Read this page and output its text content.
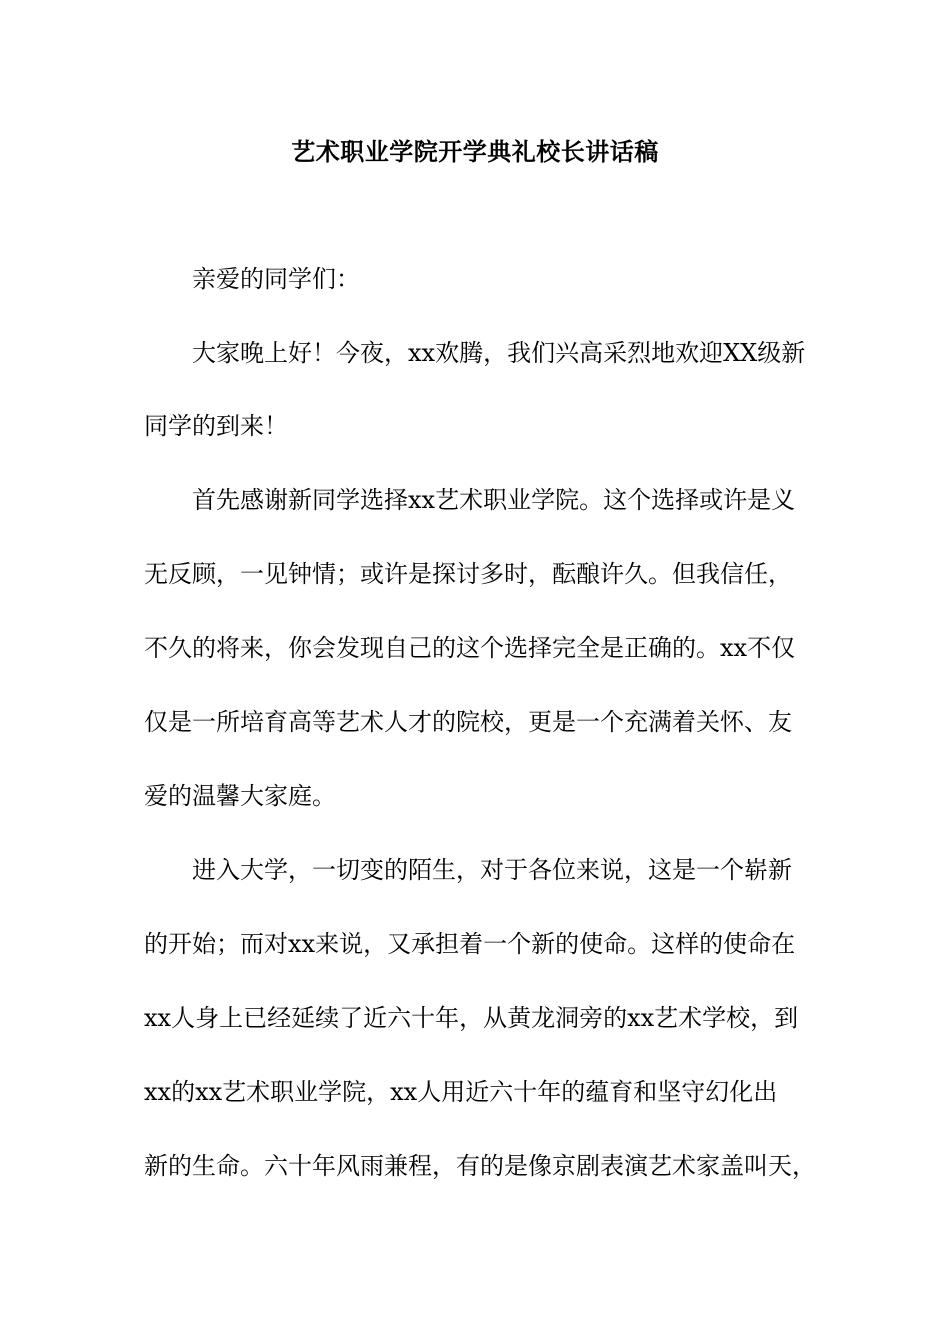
艺术职业学院开学典礼校长讲话稿
亲爱的同学们：
大家晚上好！今夜，xx欢腾，我们兴高采烈地欢迎XX级新
同学的到来！
首先感谢新同学选择xx艺术职业学院。这个选择或许是义
无反顾，一见钟情；或许是探讨多时，酝酿许久。但我信任，
不久的将来，你会发现自己的这个选择完全是正确的。xx不仅
仅是一所培育高等艺术人才的院校，更是一个充满着关怀、友
爱的温馨大家庭。
进入大学，一切变的陌生，对于各位来说，这是一个崭新
的开始；而对xx来说，又承担着一个新的使命。这样的使命在
xx人身上已经延续了近六十年，从黄龙洞旁的xx艺术学校，到
xx的xx艺术职业学院，xx人用近六十年的蕴育和坚守幻化出
新的生命。六十年风雨兼程，有的是像京剧表演艺术家盖叫天，
